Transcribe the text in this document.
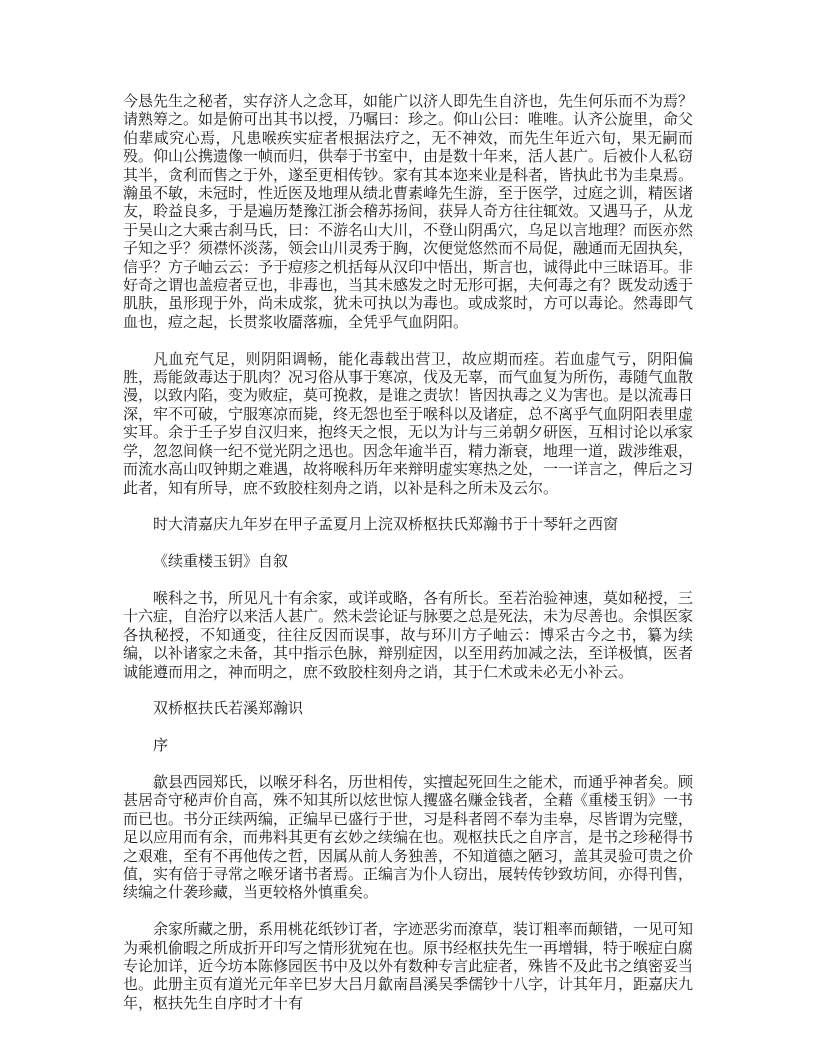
今恳先生之秘者，实存济人之念耳，如能广以济人即先生自济也，先生何乐而不为焉？请熟筹之。如是俯可出其书以授，乃嘱曰：珍之。仰山公曰：唯唯。认齐公旋里，命父伯辈咸究心焉，凡患喉疾实症者根据法疗之，无不神效，而先生年近六旬，果无嗣而殁。仰山公携遗像一帧而归，供奉于书室中，由是数十年来，活人甚广。后被仆人私窃其半，贪利而售之于外，遂至更相传钞。家有其本迩来业是科者，皆执此书为圭臬焉。瀚虽不敏，未冠时，性近医及地理从绩北曹素峰先生游，至于医学，过庭之训，精医诸友，聆益良多，于是遍历楚豫江浙会稽苏扬间，获异人奇方往往辄效。又遇马子，从龙于吴山之大乘古刹马氏，曰：不游名山大川，不登山阴禹穴，乌足以言地理？而医亦然子知之乎？须襟怀淡荡，领会山川灵秀于胸，次便觉悠然而不局促，融通而无固执矣，信乎？方子岫云云：予于痘疹之机括每从汉印中悟出，斯言也，诚得此中三昧语耳。非好奇之谓也盖痘者豆也，非毒也，当其未感发之时无形可据，夫何毒之有？既发动透于肌肤，虽形现于外，尚未成浆，犹未可执以为毒也。或成浆时，方可以毒论。然毒即气血也，痘之起，长贯浆收靥落痂，全凭乎气血阴阳。

凡血充气足，则阴阳调畅，能化毒载出营卫，故应期而痊。若血虚气亏，阴阳偏胜，焉能敛毒达于肌肉？况习俗从事于寒凉，伐及无辜，而气血复为所伤，毒随气血散漫，以致内陷，变为败症，莫可挽救，是谁之责欤！皆因执毒之义为害也。是以流毒日深，牢不可破，宁服寒凉而毙，终无怨也至于喉科以及诸症，总不离乎气血阴阳表里虚实耳。余于壬子岁自汉归来，抱终天之恨，无以为计与三弟朝夕研医，互相讨论以承家学，忽忽间倏一纪不觉光阴之迅也。因念年逾半百，精力渐衰，地理一道，跋涉维艰，而流水高山叹钟期之难遇，故将喉科历年来辩明虚实寒热之处，一一详言之，俾后之习此者，知有所导，庶不致胶柱刻舟之诮，以补是科之所未及云尔。

时大清嘉庆九年岁在甲子孟夏月上浣双桥枢扶氏郑瀚书于十琴轩之西窗

《续重楼玉钥》自叙

喉科之书，所见凡十有余家，或详或略，各有所长。至若治验神速，莫如秘授，三十六症，自治疗以来活人甚广。然未尝论证与脉要之总是死法，未为尽善也。余惧医家各执秘授，不知通变，往往反因而误事，故与环川方子岫云：博采古今之书，纂为续编，以补诸家之未备，其中指示色脉，辩别症因，以至用药加减之法，至详极慎，医者诚能遵而用之，神而明之，庶不致胶柱刻舟之诮，其于仁术或未必无小补云。

双桥枢扶氏若溪郑瀚识

序

歙县西园郑氏，以喉牙科名，历世相传，实擅起死回生之能术，而通乎神者矣。顾甚居奇守秘声价自高，殊不知其所以炫世惊人攫盛名赚金钱者，全藉《重楼玉钥》一书而已也。书分正续两编，正编早已盛行于世，习是科者罔不奉为圭皋，尽皆谓为完璧，足以应用而有余，而弗料其更有玄妙之续编在也。观枢扶氏之自序言，是书之珍秘得书之艰难，至有不再他传之哲，因属从前人务独善，不知道德之陋习，盖其灵验可贵之价值，实有倍于寻常之喉牙诸书者焉。正编言为仆人窃出，展转传钞致坊间，亦得刊售，续编之什袭珍藏，当更较格外慎重矣。

余家所藏之册，系用桃花纸钞订者，字迹恶劣而潦草，装订粗率而颠错，一见可知为乘机偷暇之所成折开印写之情形犹宛在也。原书经枢扶先生一再增辑，特于喉症白腐专论加详，近今坊本陈修园医书中及以外有数种专言此症者，殊皆不及此书之缜密妥当也。此册主页有道光元年辛巳岁大吕月歙南昌溪吴季儒钞十八字，计其年月，距嘉庆九年，枢扶先生自序时才十有
